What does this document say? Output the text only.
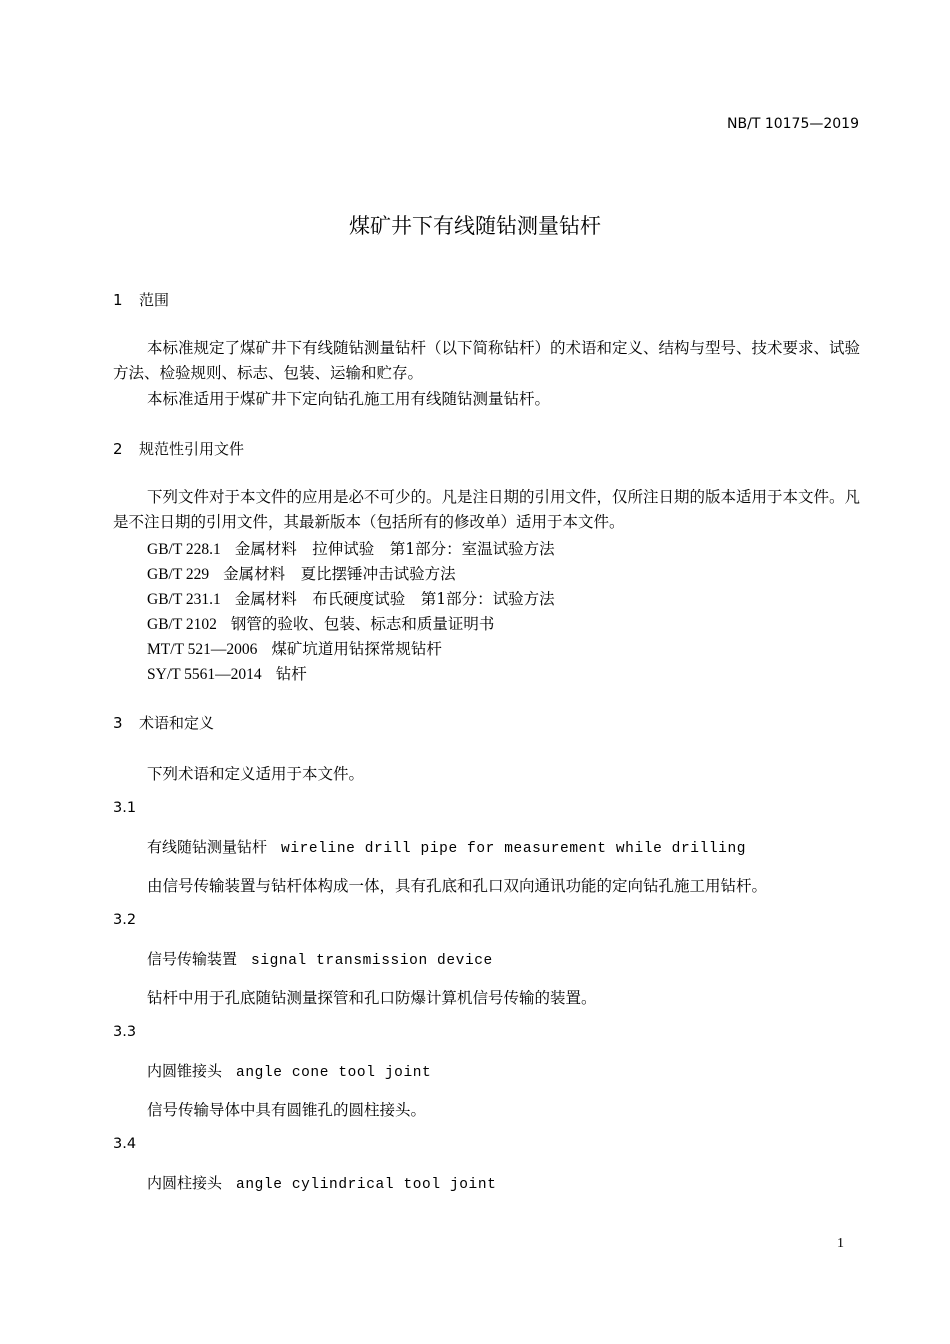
NB/T 10175—2019
煤矿井下有线随钻测量钻杆
1 范围
本标准规定了煤矿井下有线随钻测量钻杆（以下简称钻杆）的术语和定义、结构与型号、技术要求、试验方法、检验规则、标志、包装、运输和贮存。
本标准适用于煤矿井下定向钻孔施工用有线随钻测量钻杆。
2 规范性引用文件
下列文件对于本文件的应用是必不可少的。凡是注日期的引用文件，仅所注日期的版本适用于本文件。凡是不注日期的引用文件，其最新版本（包括所有的修改单）适用于本文件。
GB/T 228.1 金属材料　拉伸试验　第1部分：室温试验方法
GB/T 229 金属材料　夏比摆锤冲击试验方法
GB/T 231.1 金属材料　布氏硬度试验　第1部分：试验方法
GB/T 2102 钢管的验收、包装、标志和质量证明书
MT/T 521—2006 煤矿坑道用钻探常规钻杆
SY/T 5561—2014 钻杆
3 术语和定义
下列术语和定义适用于本文件。
3.1
有线随钻测量钻杆 wireline drill pipe for measurement while drilling
由信号传输装置与钻杆体构成一体，具有孔底和孔口双向通讯功能的定向钻孔施工用钻杆。
3.2
信号传输装置 signal transmission device
钻杆中用于孔底随钻测量探管和孔口防爆计算机信号传输的装置。
3.3
内圆锥接头 angle cone tool joint
信号传输导体中具有圆锥孔的圆柱接头。
3.4
内圆柱接头 angle cylindrical tool joint
1
